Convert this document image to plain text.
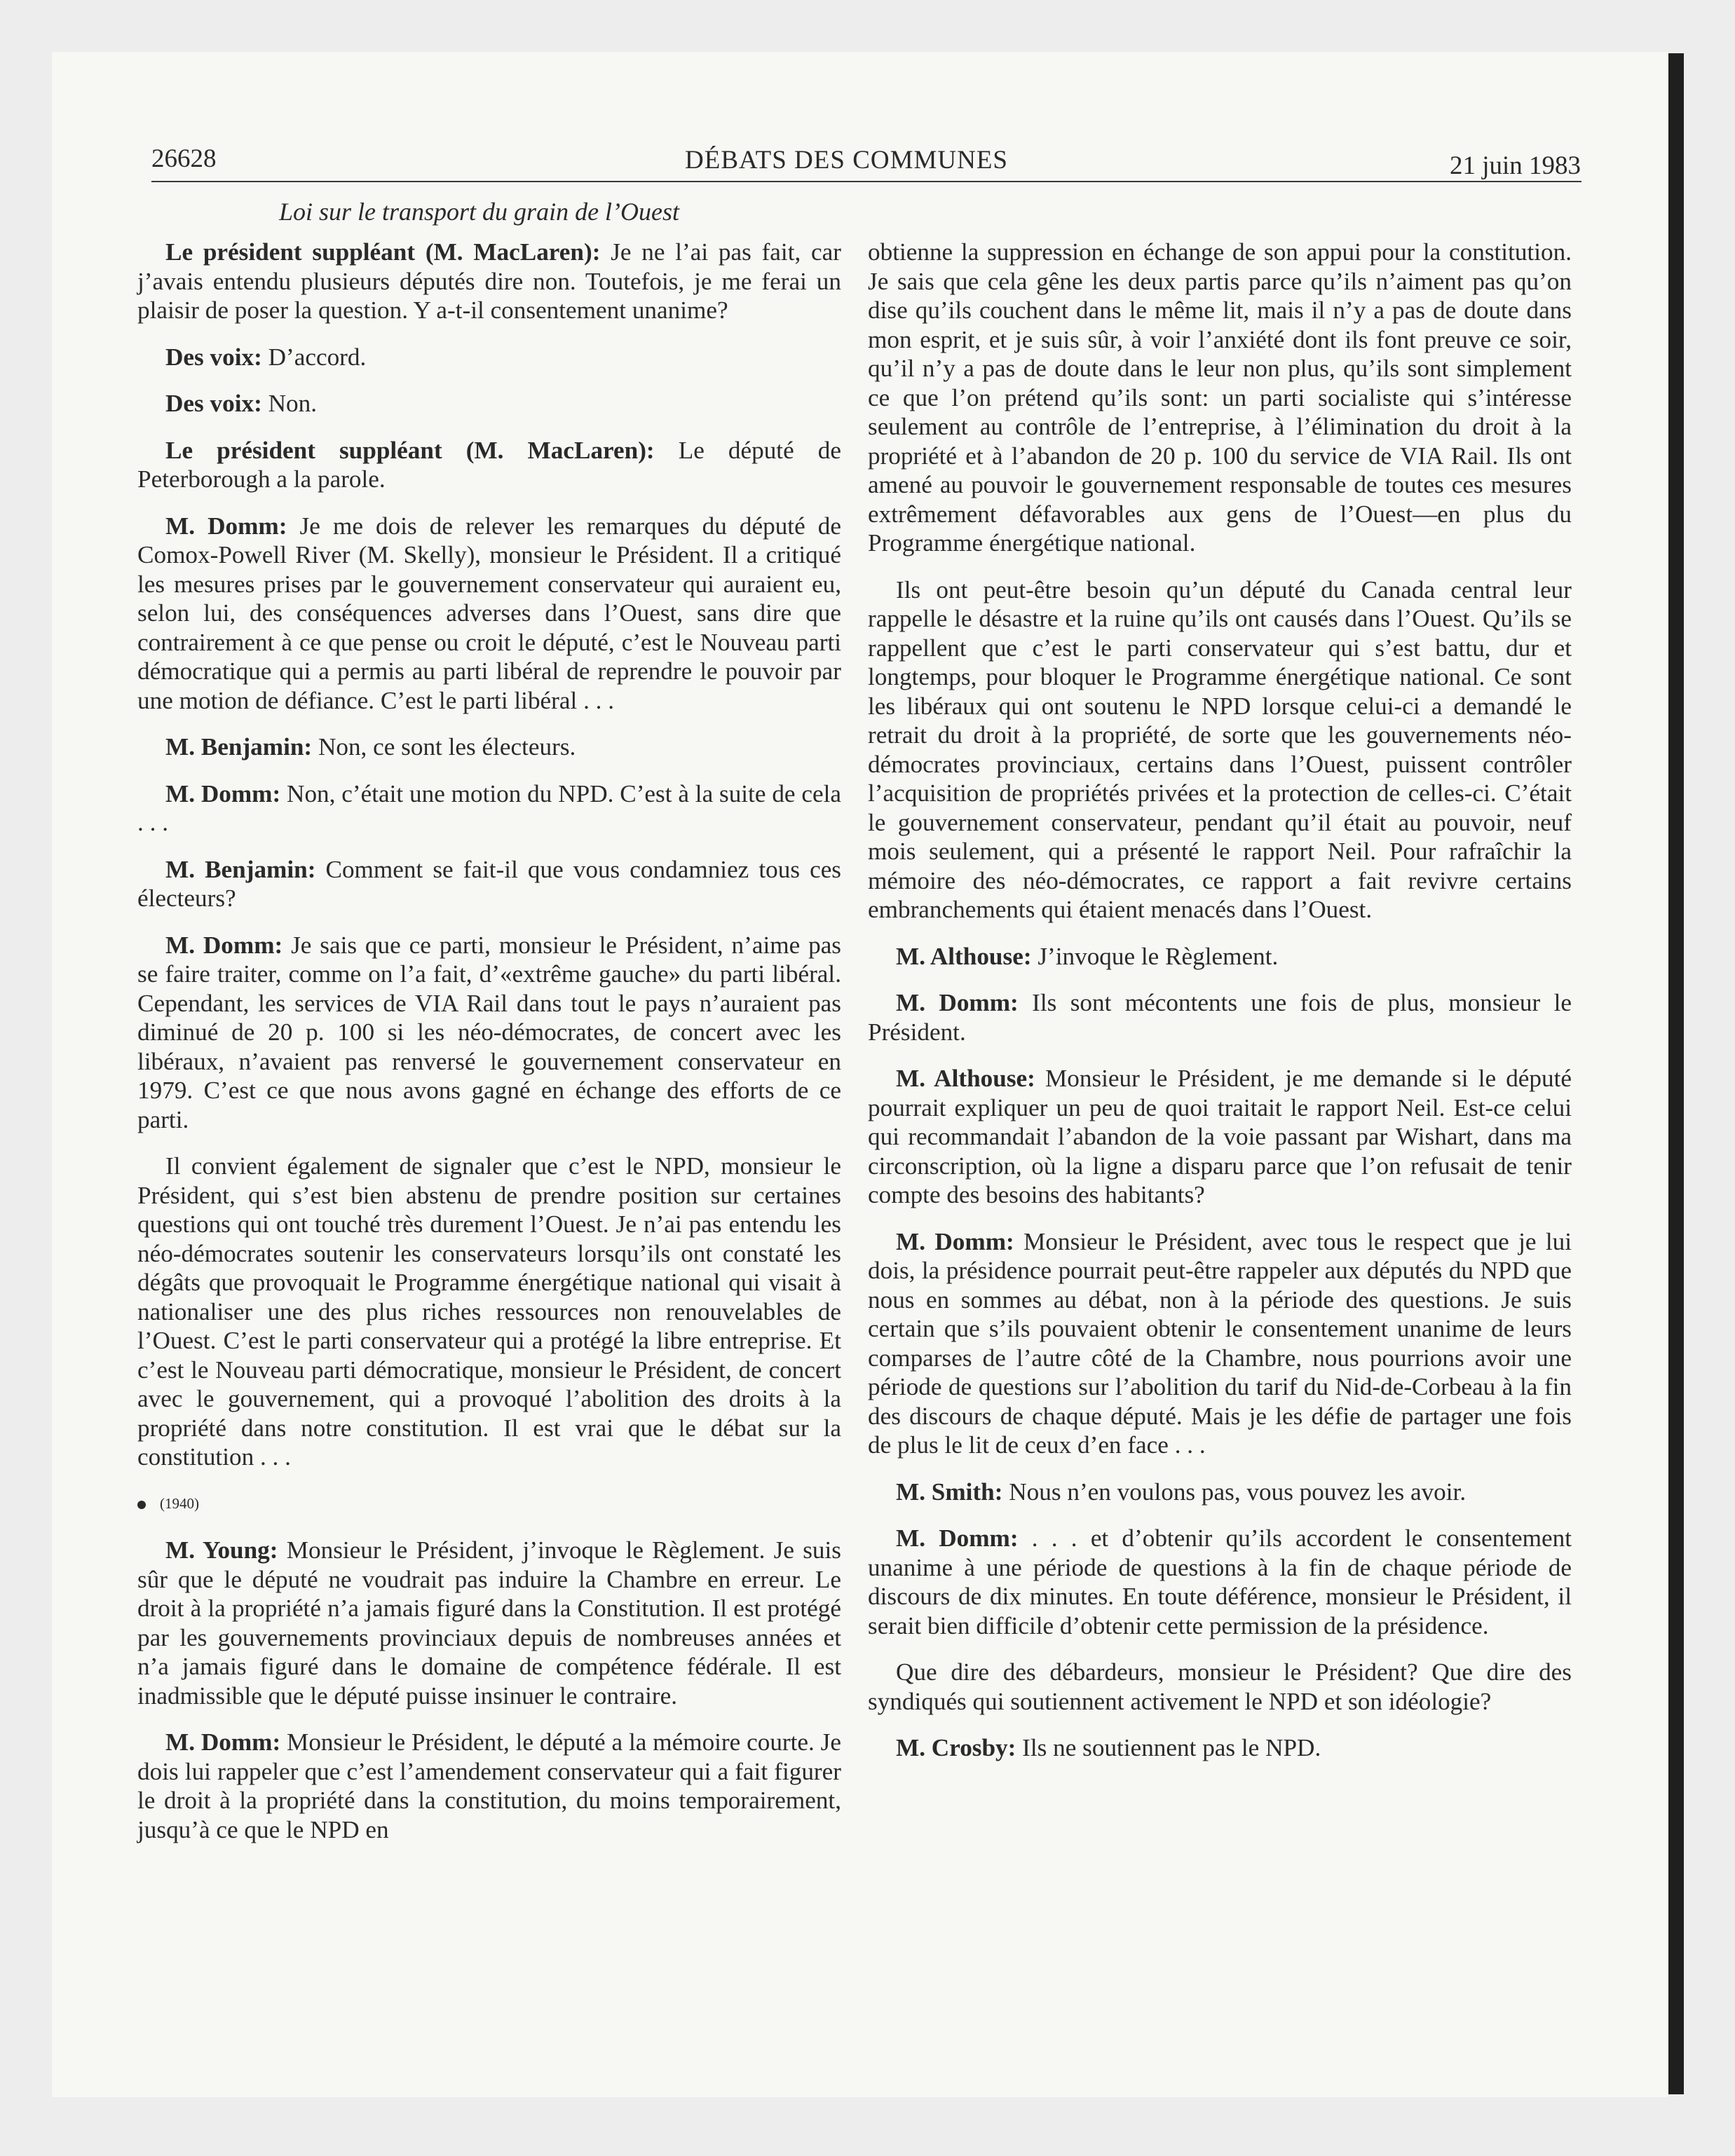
26628	DÉBATS DES COMMUNES	21 juin 1983
Loi sur le transport du grain de l’Ouest

Le président suppléant (M. MacLaren): Je ne l’ai pas fait, car j’avais entendu plusieurs députés dire non. Toutefois, je me ferai un plaisir de poser la question. Y a-t-il consentement unanime?

Des voix: D’accord.

Des voix: Non.

Le président suppléant (M. MacLaren): Le député de Peterborough a la parole.

M. Domm: Je me dois de relever les remarques du député de Comox-Powell River (M. Skelly), monsieur le Président. Il a critiqué les mesures prises par le gouvernement conservateur qui auraient eu, selon lui, des conséquences adverses dans l’Ouest, sans dire que contrairement à ce que pense ou croit le député, c’est le Nouveau parti démocratique qui a permis au parti libéral de reprendre le pouvoir par une motion de défiance. C’est le parti libéral . . .

M. Benjamin: Non, ce sont les électeurs.

M. Domm: Non, c’était une motion du NPD. C’est à la suite de cela . . .

M. Benjamin: Comment se fait-il que vous condamniez tous ces électeurs?

M. Domm: Je sais que ce parti, monsieur le Président, n’aime pas se faire traiter, comme on l’a fait, d’«extrême gauche» du parti libéral. Cependant, les services de VIA Rail dans tout le pays n’auraient pas diminué de 20 p. 100 si les néo-démocrates, de concert avec les libéraux, n’avaient pas renversé le gouvernement conservateur en 1979. C’est ce que nous avons gagné en échange des efforts de ce parti.

Il convient également de signaler que c’est le NPD, monsieur le Président, qui s’est bien abstenu de prendre position sur certaines questions qui ont touché très durement l’Ouest. Je n’ai pas entendu les néo-démocrates soutenir les conservateurs lorsqu’ils ont constaté les dégâts que provoquait le Programme énergétique national qui visait à nationaliser une des plus riches ressources non renouvelables de l’Ouest. C’est le parti conservateur qui a protégé la libre entreprise. Et c’est le Nouveau parti démocratique, monsieur le Président, de concert avec le gouvernement, qui a provoqué l’abolition des droits à la propriété dans notre constitution. Il est vrai que le débat sur la constitution . . .

(1940)

M. Young: Monsieur le Président, j’invoque le Règlement. Je suis sûr que le député ne voudrait pas induire la Chambre en erreur. Le droit à la propriété n’a jamais figuré dans la Constitution. Il est protégé par les gouvernements provinciaux depuis de nombreuses années et n’a jamais figuré dans le domaine de compétence fédérale. Il est inadmissible que le député puisse insinuer le contraire.

M. Domm: Monsieur le Président, le député a la mémoire courte. Je dois lui rappeler que c’est l’amendement conservateur qui a fait figurer le droit à la propriété dans la constitution, du moins temporairement, jusqu’à ce que le NPD en

obtienne la suppression en échange de son appui pour la constitution. Je sais que cela gêne les deux partis parce qu’ils n’aiment pas qu’on dise qu’ils couchent dans le même lit, mais il n’y a pas de doute dans mon esprit, et je suis sûr, à voir l’anxiété dont ils font preuve ce soir, qu’il n’y a pas de doute dans le leur non plus, qu’ils sont simplement ce que l’on prétend qu’ils sont: un parti socialiste qui s’intéresse seulement au contrôle de l’entreprise, à l’élimination du droit à la propriété et à l’abandon de 20 p. 100 du service de VIA Rail. Ils ont amené au pouvoir le gouvernement responsable de toutes ces mesures extrêmement défavorables aux gens de l’Ouest—en plus du Programme énergétique national.

Ils ont peut-être besoin qu’un député du Canada central leur rappelle le désastre et la ruine qu’ils ont causés dans l’Ouest. Qu’ils se rappellent que c’est le parti conservateur qui s’est battu, dur et longtemps, pour bloquer le Programme énergétique national. Ce sont les libéraux qui ont soutenu le NPD lorsque celui-ci a demandé le retrait du droit à la propriété, de sorte que les gouvernements néo-démocrates provinciaux, certains dans l’Ouest, puissent contrôler l’acquisition de propriétés privées et la protection de celles-ci. C’était le gouvernement conservateur, pendant qu’il était au pouvoir, neuf mois seulement, qui a présenté le rapport Neil. Pour rafraîchir la mémoire des néo-démocrates, ce rapport a fait revivre certains embranchements qui étaient menacés dans l’Ouest.

M. Althouse: J’invoque le Règlement.

M. Domm: Ils sont mécontents une fois de plus, monsieur le Président.

M. Althouse: Monsieur le Président, je me demande si le député pourrait expliquer un peu de quoi traitait le rapport Neil. Est-ce celui qui recommandait l’abandon de la voie passant par Wishart, dans ma circonscription, où la ligne a disparu parce que l’on refusait de tenir compte des besoins des habitants?

M. Domm: Monsieur le Président, avec tous le respect que je lui dois, la présidence pourrait peut-être rappeler aux députés du NPD que nous en sommes au débat, non à la période des questions. Je suis certain que s’ils pouvaient obtenir le consentement unanime de leurs comparses de l’autre côté de la Chambre, nous pourrions avoir une période de questions sur l’abolition du tarif du Nid-de-Corbeau à la fin des discours de chaque député. Mais je les défie de partager une fois de plus le lit de ceux d’en face . . .

M. Smith: Nous n’en voulons pas, vous pouvez les avoir.

M. Domm: . . . et d’obtenir qu’ils accordent le consentement unanime à une période de questions à la fin de chaque période de discours de dix minutes. En toute déférence, monsieur le Président, il serait bien difficile d’obtenir cette permission de la présidence.

Que dire des débardeurs, monsieur le Président? Que dire des syndiqués qui soutiennent activement le NPD et son idéologie?

M. Crosby: Ils ne soutiennent pas le NPD.
